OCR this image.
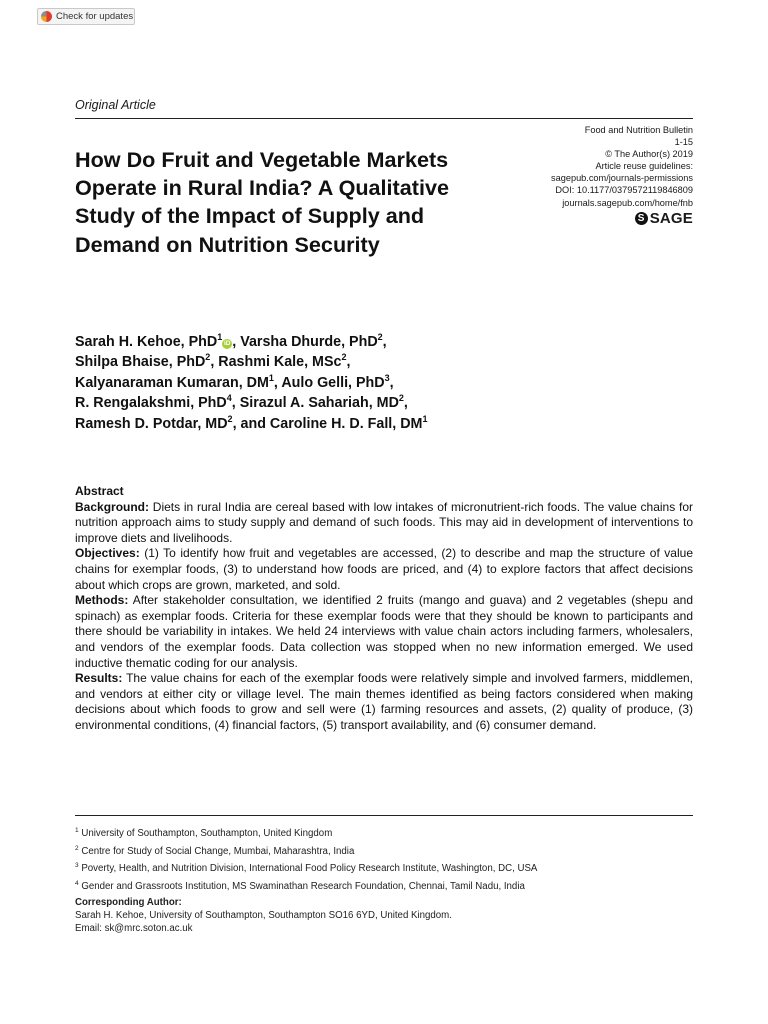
Check for updates
Original Article
Food and Nutrition Bulletin
1-15
© The Author(s) 2019
Article reuse guidelines:
sagepub.com/journals-permissions
DOI: 10.1177/0379572119846809
journals.sagepub.com/home/fnb
S SAGE
How Do Fruit and Vegetable Markets Operate in Rural India? A Qualitative Study of the Impact of Supply and Demand on Nutrition Security

Sarah H. Kehoe, PhD$^1$iD , Varsha Dhurde, PhD$^2$,
Shilpa Bhaise, PhD$^2$, Rashmi Kale, MSc$^2$,
Kalyanaraman Kumaran, $DM^1$, Aulo Gelli, PhD$^3$,
R. Rengalakshmi, PhD$^4$, Sirazul A. Sahariah, $MD^2$,
Ramesh D. Potdar, $MD^2$, and Caroline H. D. Fall, $DM^1$

Abstract

Background: Diets in rural India are cereal based with low intakes of micronutrient-rich foods. The value chains for nutrition approach aims to study supply and demand of such foods. This may aid in development of interventions to improve diets and livelihoods.

Objectives: (1) To identify how fruit and vegetables are accessed, (2) to describe and map the structure of value chains for exemplar foods, (3) to understand how foods are priced, and (4) to explore factors that affect decisions about which crops are grown, marketed, and sold.

Methods: After stakeholder consultation, we identified 2 fruits (mango and guava) and 2 vegetables (shepu and spinach) as exemplar foods. Criteria for these exemplar foods were that they should be known to participants and there should be variability in intakes. We held 24 interviews with value chain actors including farmers, wholesalers, and vendors of the exemplar foods. Data collection was stopped when no new information emerged. We used inductive thematic coding for our analysis.

Results: The value chains for each of the exemplar foods were relatively simple and involved farmers, middlemen, and vendors at either city or village level. The main themes identified as being factors considered when making decisions about which foods to grow and sell were (1) farming resources and assets, (2) quality of produce, (3) environmental conditions, (4) financial factors, (5) transport availability, and (6) consumer demand.

$^1$ University of Southampton, Southampton, United Kingdom
$^2$ Centre for Study of Social Change, Mumbai, Maharashtra, India
$^3$ Poverty, Health, and Nutrition Division, International Food Policy Research Institute, Washington, DC, USA
$^4$ Gender and Grassroots Institution, MS Swaminathan Research Foundation, Chennai, Tamil Nadu, India
Corresponding Author:
Sarah H. Kehoe, University of Southampton, Southampton SO16 6YD, United Kingdom.
Email: sk@mrc.soton.ac.uk
